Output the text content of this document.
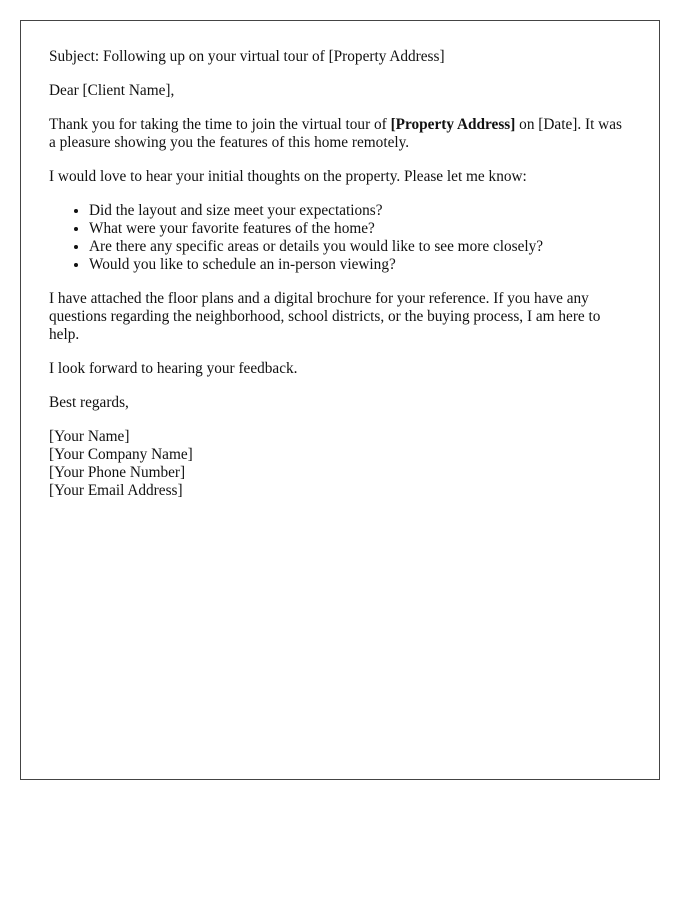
Subject: Following up on your virtual tour of [Property Address]

Dear [Client Name],

Thank you for taking the time to join the virtual tour of [Property Address] on [Date]. It was a pleasure showing you the features of this home remotely.

I would love to hear your initial thoughts on the property. Please let me know:

• Did the layout and size meet your expectations?
• What were your favorite features of the home?
• Are there any specific areas or details you would like to see more closely?
• Would you like to schedule an in-person viewing?

I have attached the floor plans and a digital brochure for your reference. If you have any questions regarding the neighborhood, school districts, or the buying process, I am here to help.

I look forward to hearing your feedback.

Best regards,

[Your Name]
[Your Company Name]
[Your Phone Number]
[Your Email Address]
